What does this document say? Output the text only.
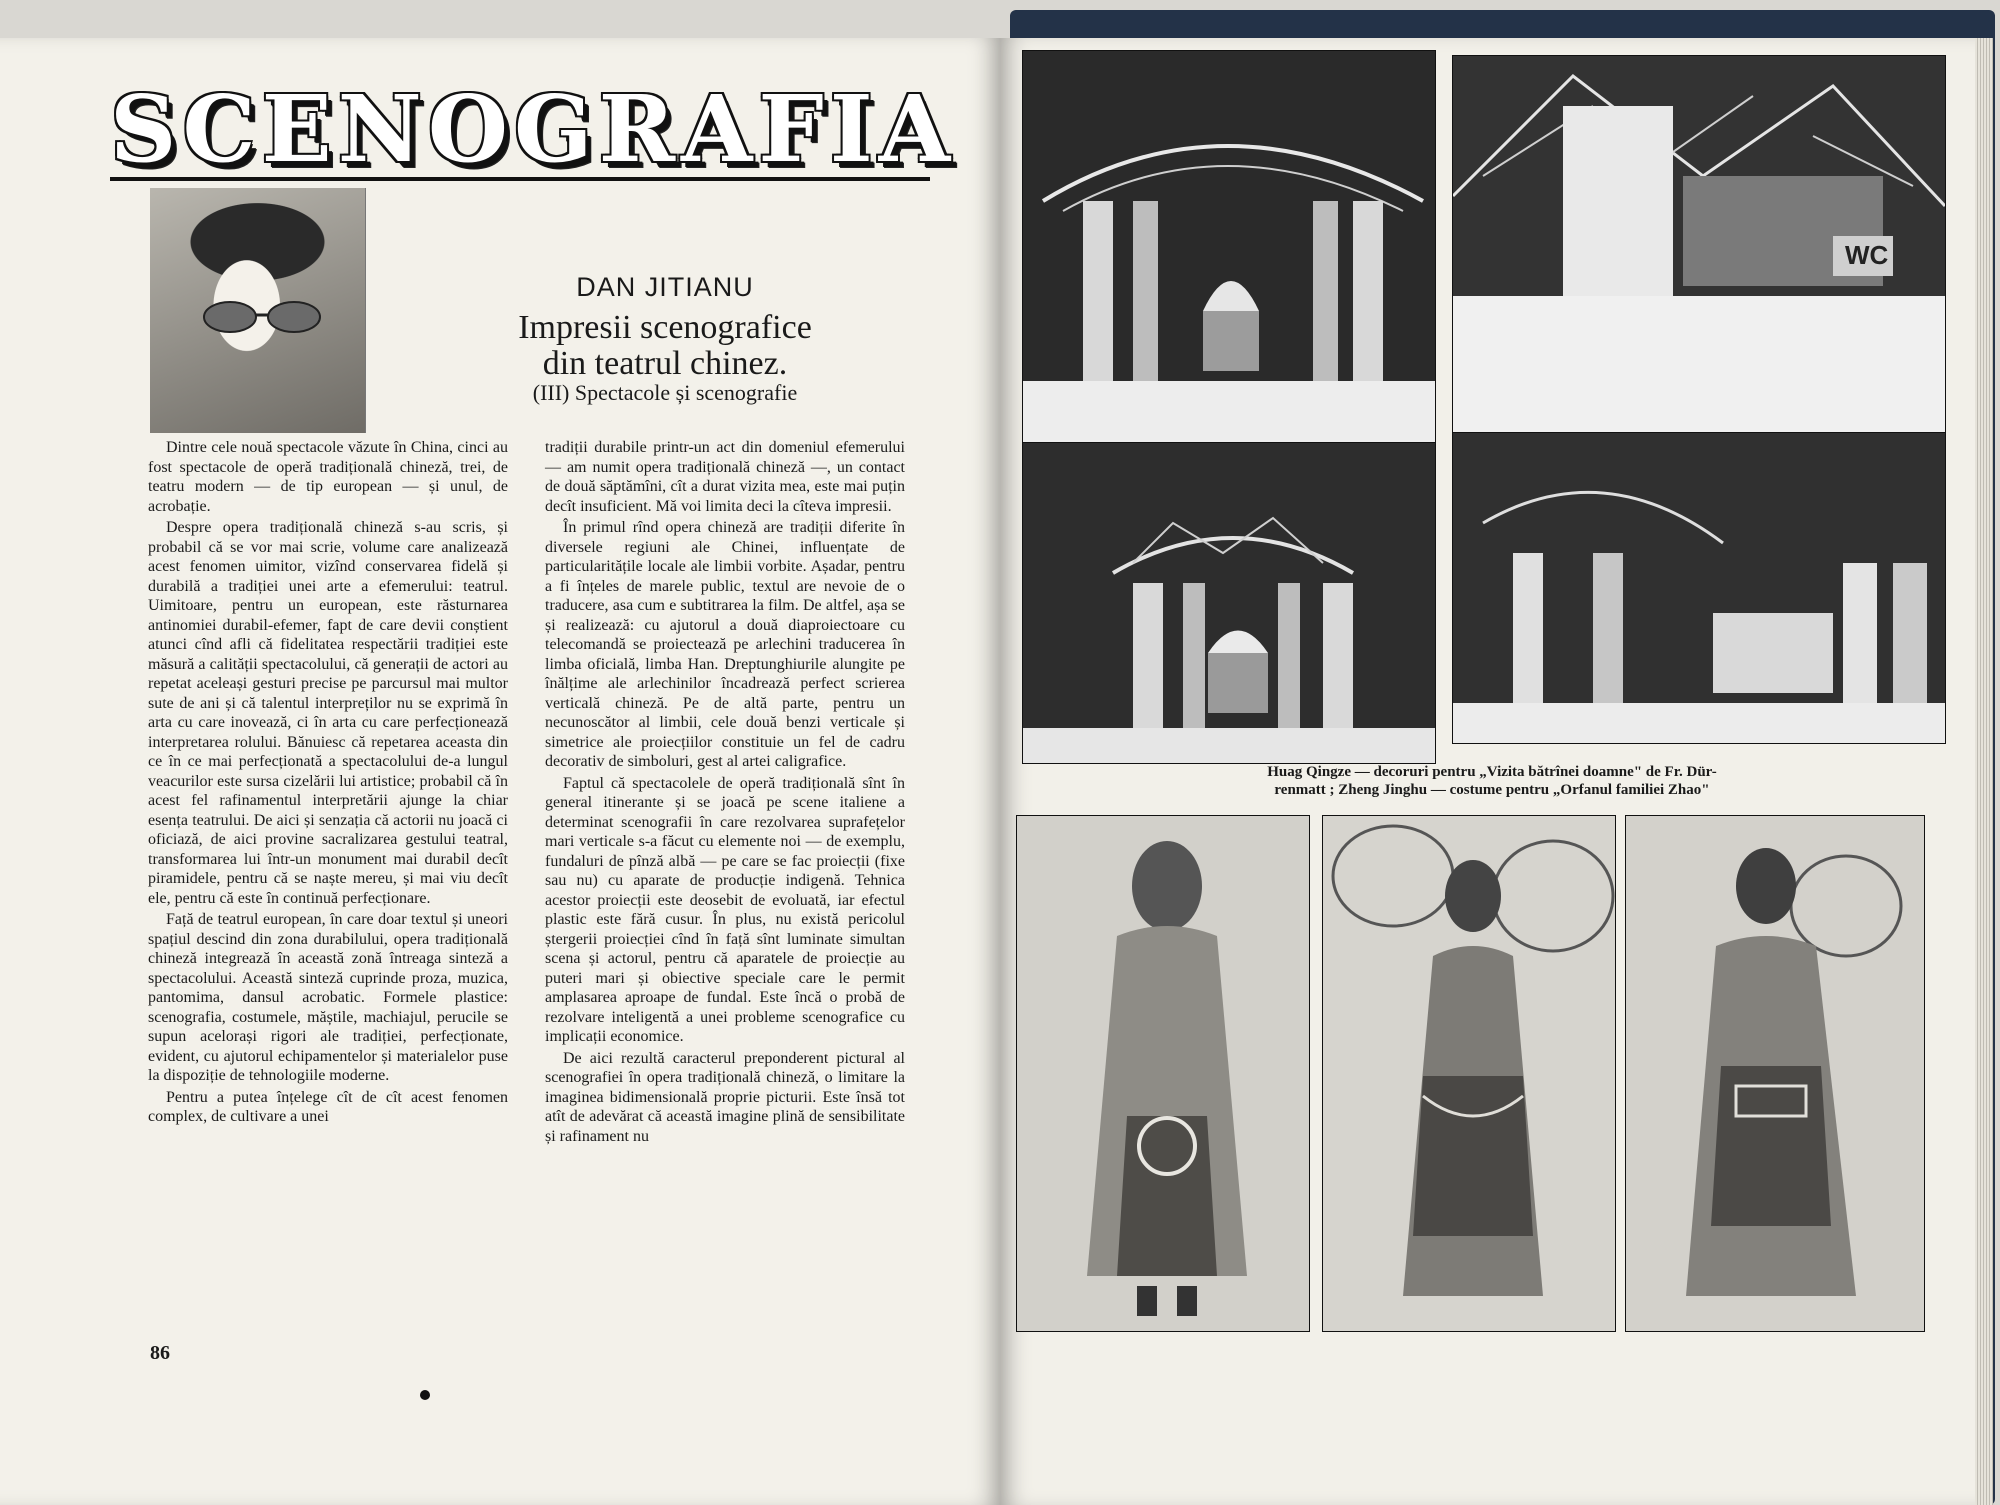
SCENOGRAFIA
DAN JITIANU
Impresii scenografice
din teatrul chinez.
(III) Spectacole și scenografie

Dintre cele nouă spectacole văzute în China, cinci au fost spectacole de operă tradițională chineză, trei, de teatru modern — de tip european — și unul, de acrobație.

Despre opera tradițională chineză s-au scris, și probabil că se vor mai scrie, volume care analizează acest fenomen uimitor, vizînd conservarea fidelă și durabilă a tradiției unei arte a efemerului: teatrul. Uimitoare, pentru un european, este răsturnarea antinomiei durabil-efemer, fapt de care devii conștient atunci cînd afli că fidelitatea respectării tradiției este măsură a calității spectacolului, că generații de actori au repetat aceleași gesturi precise pe parcursul mai multor sute de ani și că talentul interpreților nu se exprimă în arta cu care inovează, ci în arta cu care perfecționează interpretarea rolului. Bănuiesc că repetarea aceasta din ce în ce mai perfecționată a spectacolului de-a lungul veacurilor este sursa cizelării lui artistice; probabil că în acest fel rafinamentul interpretării ajunge la chiar esența teatrului. De aici și senzația că actorii nu joacă ci oficiază, de aici provine sacralizarea gestului teatral, transformarea lui într-un monument mai durabil decît piramidele, pentru că se naște mereu, și mai viu decît ele, pentru că este în continuă perfecționare.

Față de teatrul european, în care doar textul și uneori spațiul descind din zona durabilului, opera tradițională chineză integrează în această zonă întreaga sinteză a spectacolului. Această sinteză cuprinde proza, muzica, pantomima, dansul acrobatic. Formele plastice: scenografia, costumele, măștile, machiajul, perucile se supun acelorași rigori ale tradiției, perfecționate, evident, cu ajutorul echipamentelor și materialelor puse la dispoziție de tehnologiile moderne.

Pentru a putea înțelege cît de cît acest fenomen complex, de cultivare a unei

tradiții durabile printr-un act din domeniul efemerului — am numit opera tradițională chineză —, un contact de două săptămîni, cît a durat vizita mea, este mai puțin decît insuficient. Mă voi limita deci la cîteva impresii.

În primul rînd opera chineză are tradiții diferite în diversele regiuni ale Chinei, influențate de particularitățile locale ale limbii vorbite. Așadar, pentru a fi înțeles de marele public, textul are nevoie de o traducere, asa cum e subtitrarea la film. De altfel, așa se și realizează: cu ajutorul a două diaproiectoare cu telecomandă se proiectează pe arlechini traducerea în limba oficială, limba Han. Dreptunghiurile alungite pe înălțime ale arlechinilor încadrează perfect scrierea verticală chineză. Pe de altă parte, pentru un necunoscător al limbii, cele două benzi verticale și simetrice ale proiecțiilor constituie un fel de cadru decorativ de simboluri, gest al artei caligrafice.

Faptul că spectacolele de operă tradițională sînt în general itinerante și se joacă pe scene italiene a determinat scenografii în care rezolvarea suprafețelor mari verticale s-a făcut cu elemente noi — de exemplu, fundaluri de pînză albă — pe care se fac proiecții (fixe sau nu) cu aparate de producție indigenă. Tehnica acestor proiecții este deosebit de evoluată, iar efectul plastic este fără cusur. În plus, nu există pericolul ștergerii proiecției cînd în față sînt luminate simultan scena și actorul, pentru că aparatele de proiecție au puteri mari și obiective speciale care le permit amplasarea aproape de fundal. Este încă o probă de rezolvare inteligentă a unei probleme scenografice cu implicații economice.

De aici rezultă caracterul preponderent pictural al scenografiei în opera tradițională chineză, o limitare la imaginea bidimensională proprie picturii. Este însă tot atît de adevărat că această imagine plină de sensibilitate și rafinament nu

86
WC
Huag Qingze — decoruri pentru „Vizita bătrînei doamne" de Fr. Dür-
renmatt ; Zheng Jinghu — costume pentru „Orfanul familiei Zhao"
